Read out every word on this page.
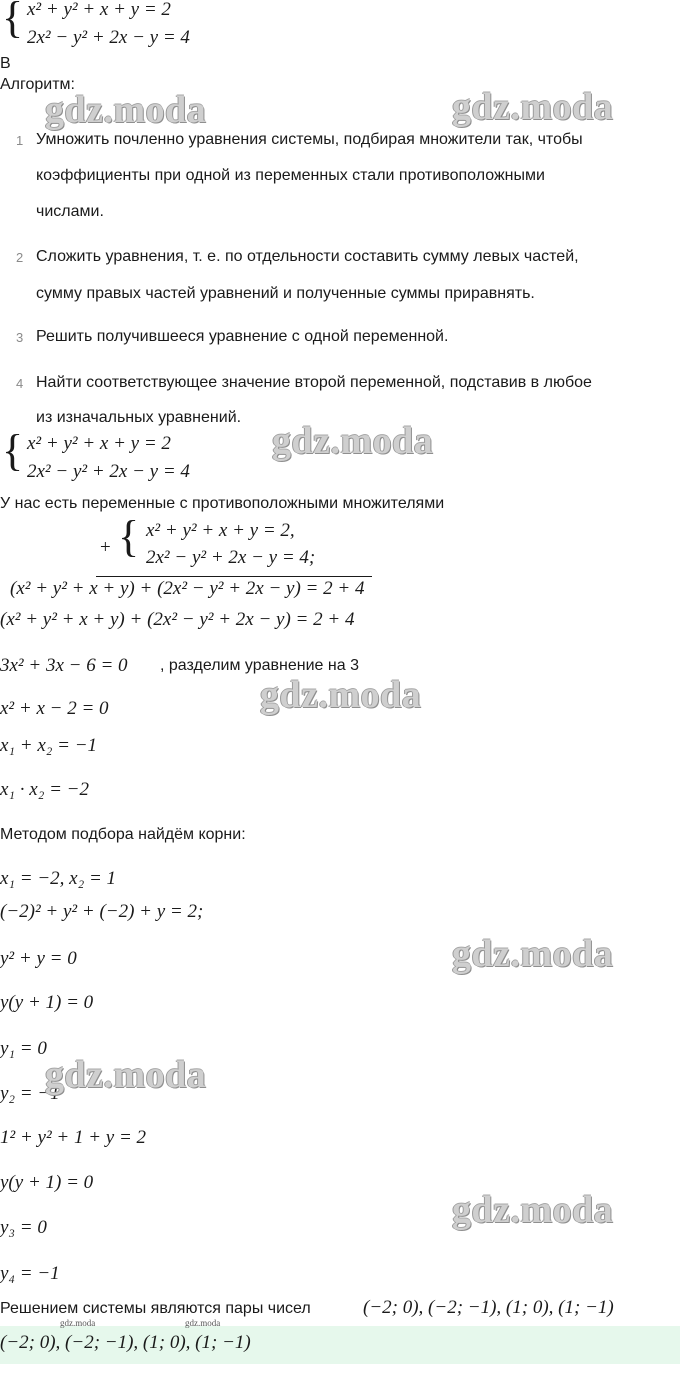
{ x² + y² + x + y = 2
2x² − y² + 2x − y = 4
В
Алгоритм:
1 Умножить почленно уравнения системы, подбирая множители так, чтобы
коэффициенты при одной из переменных стали противоположными
числами.
2 Сложить уравнения, т. е. по отдельности составить сумму левых частей,
сумму правых частей уравнений и полученные суммы приравнять.
3 Решить получившееся уравнение с одной переменной.
4 Найти соответствующее значение второй переменной, подставив в любое
из изначальных уравнений.
{ x² + y² + x + y = 2
2x² − y² + 2x − y = 4
У нас есть переменные с противоположными множителями
+ { x² + y² + x + y = 2,
2x² − y² + 2x − y = 4;
(x² + y² + x + y) + (2x² − y² + 2x − y) = 2 + 4
(x² + y² + x + y) + (2x² − y² + 2x − y) = 2 + 4
3x² + 3x − 6 = 0 , разделим уравнение на 3
x² + x − 2 = 0
x₁ + x₂ = −1
x₁ · x₂ = −2
Методом подбора найдём корни:
x₁ = −2, x₂ = 1
(−2)² + y² + (−2) + y = 2;
y² + y = 0
y(y + 1) = 0
y₁ = 0
y₂ = −1
1² + y² + 1 + y = 2
y(y + 1) = 0
y₃ = 0
y₄ = −1
Решением системы являются пары чисел	(−2; 0), (−2; −1), (1; 0), (1; −1)
(−2; 0), (−2; −1), (1; 0), (1; −1)
gdz.moda	gdz.moda
gdz.moda
gdz.moda
gdz.moda
gdz.moda
gdz.moda
gdz.moda	gdz.moda
